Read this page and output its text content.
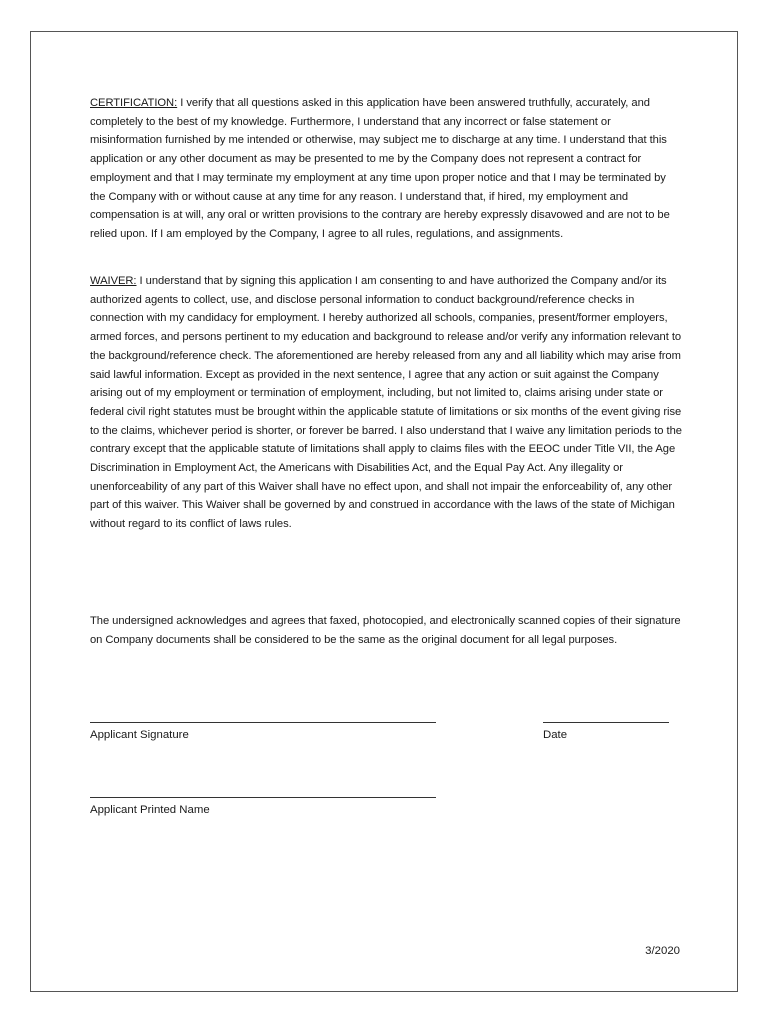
CERTIFICATION: I verify that all questions asked in this application have been answered truthfully, accurately, and completely to the best of my knowledge. Furthermore, I understand that any incorrect or false statement or misinformation furnished by me intended or otherwise, may subject me to discharge at any time. I understand that this application or any other document as may be presented to me by the Company does not represent a contract for employment and that I may terminate my employment at any time upon proper notice and that I may be terminated by the Company with or without cause at any time for any reason. I understand that, if hired, my employment and compensation is at will, any oral or written provisions to the contrary are hereby expressly disavowed and are not to be relied upon. If I am employed by the Company, I agree to all rules, regulations, and assignments.

WAIVER: I understand that by signing this application I am consenting to and have authorized the Company and/or its authorized agents to collect, use, and disclose personal information to conduct background/reference checks in connection with my candidacy for employment. I hereby authorized all schools, companies, present/former employers, armed forces, and persons pertinent to my education and background to release and/or verify any information relevant to the background/reference check. The aforementioned are hereby released from any and all liability which may arise from said lawful information. Except as provided in the next sentence, I agree that any action or suit against the Company arising out of my employment or termination of employment, including, but not limited to, claims arising under state or federal civil right statutes must be brought within the applicable statute of limitations or six months of the event giving rise to the claims, whichever period is shorter, or forever be barred. I also understand that I waive any limitation periods to the contrary except that the applicable statute of limitations shall apply to claims files with the EEOC under Title VII, the Age Discrimination in Employment Act, the Americans with Disabilities Act, and the Equal Pay Act. Any illegality or unenforceability of any part of this Waiver shall have no effect upon, and shall not impair the enforceability of, any other part of this waiver. This Waiver shall be governed by and construed in accordance with the laws of the state of Michigan without regard to its conflict of laws rules.

The undersigned acknowledges and agrees that faxed, photocopied, and electronically scanned copies of their signature on Company documents shall be considered to be the same as the original document for all legal purposes.

Applicant Signature	Date
Applicant Printed Name
3/2020
